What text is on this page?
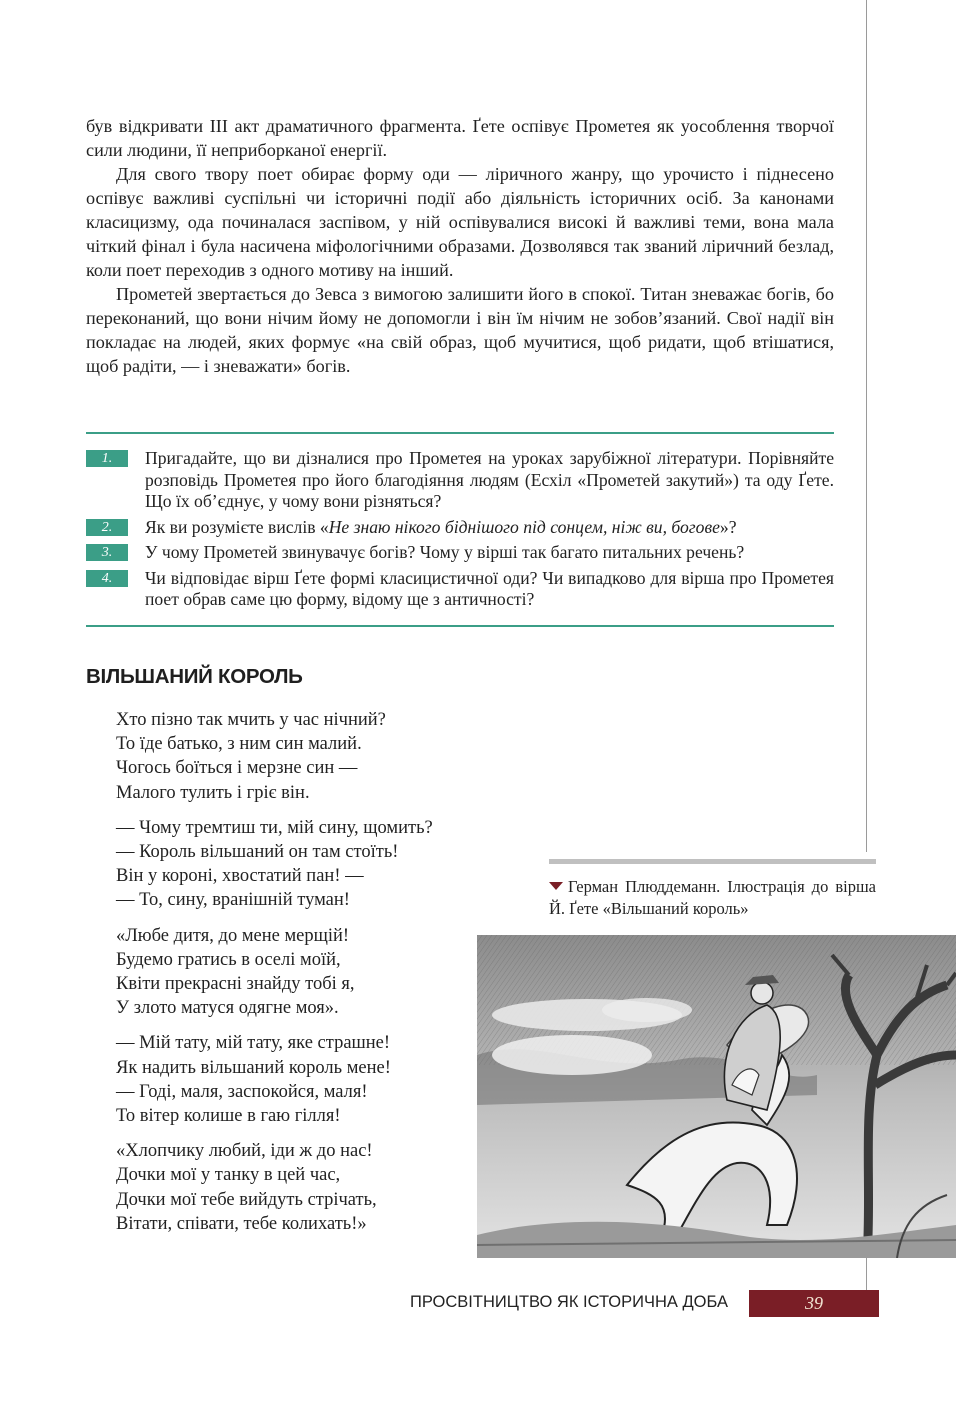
був відкривати ІІІ акт драматичного фрагмента. Ґете оспівує Прометея як уособлення творчої сили людини, її неприборканої енергії.

Для свого твору поет обирає форму оди — ліричного жанру, що урочисто і піднесено оспівує важливі суспільні чи історичні події або діяльність історичних осіб. За канонами класицизму, ода починалася заспівом, у ній оспівувалися високі й важливі теми, вона мала чіткий фінал і була насичена міфологічними образами. Дозволявся так званий ліричний безлад, коли поет переходив з одного мотиву на інший.

Прометей звертається до Зевса з вимогою залишити його в спокої. Титан зневажає богів, бо переконаний, що вони нічим йому не допомогли і він їм нічим не зобов’язаний. Свої надії він покладає на людей, яких формує «на свій образ, щоб мучитися, щоб ридати, щоб втішатися, щоб радіти, — і зневажати» богів.

1.	Пригадайте, що ви дізналися про Прометея на уроках зарубіжної літератури. Порівняйте розповідь Прометея про його благодіяння людям (Есхіл «Прометей закутий») та оду Ґете. Що їх об’єднує, у чому вони різняться?
2.	Як ви розумієте вислів «Не знаю нікого біднішого під сонцем, ніж ви, богове»?
3.	У чому Прометей звинувачує богів? Чому у вірші так багато питальних речень?
4.	Чи відповідає вірш Ґете формі класицистичної оди? Чи випадково для вірша про Прометея поет обрав саме цю форму, відому ще з античності?
ВІЛЬШАНИЙ КОРОЛЬ
Хто пізно так мчить у час нічний?
То їде батько, з ним син малий.
Чогось боїться і мерзне син —
Малого тулить і гріє він.
— Чому тремтиш ти, мій сину, щомить?
— Король вільшаний он там стоїть!
Він у короні, хвостатий пан! —
— То, сину, вранішній туман!
«Любе дитя, до мене мерщій!
Будемо гратись в оселі моїй,
Квіти прекрасні знайду тобі я,
У злото матуся одягне моя».
— Мій тату, мій тату, яке страшне!
Як надить вільшаний король мене!
— Годі, маля, заспокойся, маля!
То вітер колише в гаю гілля!
«Хлопчику любий, іди ж до нас!
Дочки мої у танку в цей час,
Дочки мої тебе вийдуть стрічать,
Вітати, співати, тебе колихать!»
Герман Плюддеманн. Ілюстрація до вірша Й. Ґете «Вільшаний король»
ПРОСВІТНИЦТВО ЯК ІСТОРИЧНА ДОБА	39
